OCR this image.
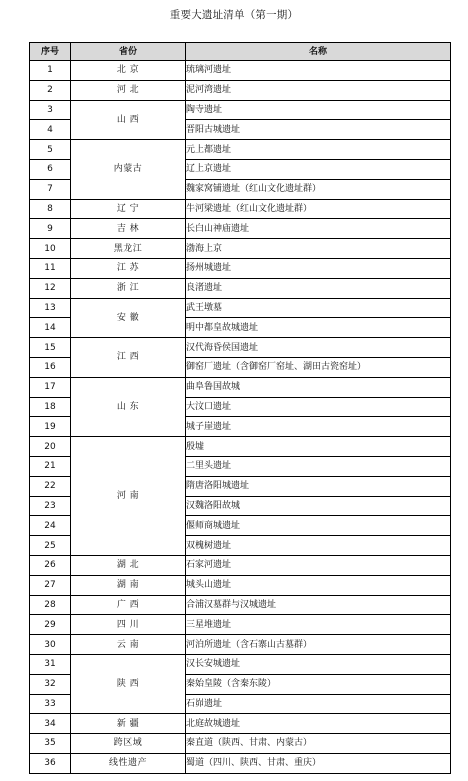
重要大遗址清单（第一期）
序号	省份	名称
1	北 京	琉璃河遗址
2	河 北	泥河湾遗址
3	山 西	陶寺遗址
4		晋阳古城遗址
5	内蒙古	元上都遗址
6		辽上京遗址
7		魏家窝铺遗址（红山文化遗址群）
8	辽 宁	牛河梁遗址（红山文化遗址群）
9	吉 林	长白山神庙遗址
10	黑龙江	渤海上京
11	江 苏	扬州城遗址
12	浙 江	良渚遗址
13	安 徽	武王墩墓
14		明中都皇故城遗址
15	江 西	汉代海昏侯国遗址
16		御窑厂遗址（含御窑厂窑址、湖田古瓷窑址）
17	山 东	曲阜鲁国故城
18		大汶口遗址
19		城子崖遗址
20	河 南	殷墟
21		二里头遗址
22		隋唐洛阳城遗址
23		汉魏洛阳故城
24		偃师商城遗址
25		双槐树遗址
26	湖 北	石家河遗址
27	湖 南	城头山遗址
28	广 西	合浦汉墓群与汉城遗址
29	四 川	三星堆遗址
30	云 南	河泊所遗址（含石寨山古墓群）
31	陕 西	汉长安城遗址
32		秦始皇陵（含秦东陵）
33		石峁遗址
34	新 疆	北庭故城遗址
35	跨区域	秦直道（陕西、甘肃、内蒙古）
36	线性遗产	蜀道（四川、陕西、甘肃、重庆）
